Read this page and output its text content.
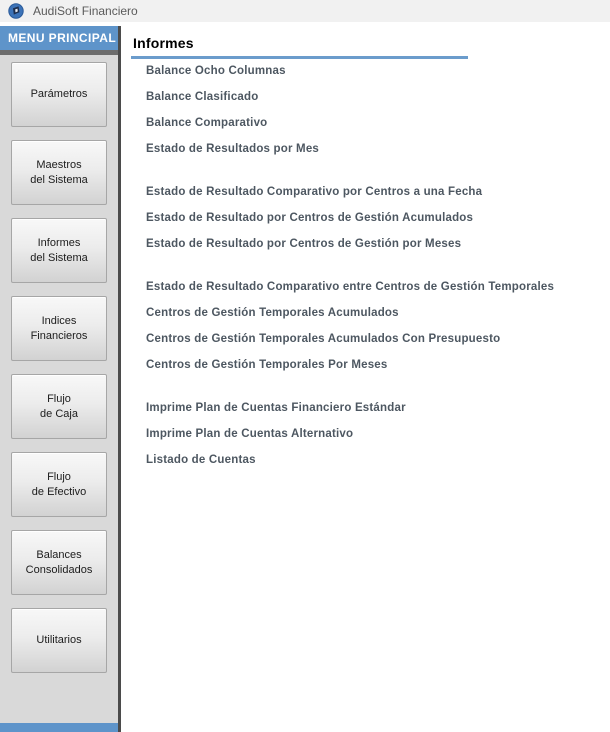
AudiSoft Financiero
MENU PRINCIPAL
Parámetros
Maestros
del Sistema
Informes
del Sistema
Indices
Financieros
Flujo
de Caja
Flujo
de Efectivo
Balances
Consolidados
Utilitarios
Informes
Balance Ocho Columnas
Balance Clasificado
Balance Comparativo
Estado de Resultados por Mes
Estado de Resultado Comparativo por Centros a una Fecha
Estado de Resultado por Centros de Gestión Acumulados
Estado de Resultado por Centros de Gestión por Meses
Estado de Resultado Comparativo entre Centros de Gestión Temporales
Centros de Gestión Temporales Acumulados
Centros de Gestión Temporales Acumulados Con Presupuesto
Centros de Gestión Temporales Por Meses
Imprime Plan de Cuentas Financiero Estándar
Imprime Plan de Cuentas Alternativo
Listado de Cuentas
